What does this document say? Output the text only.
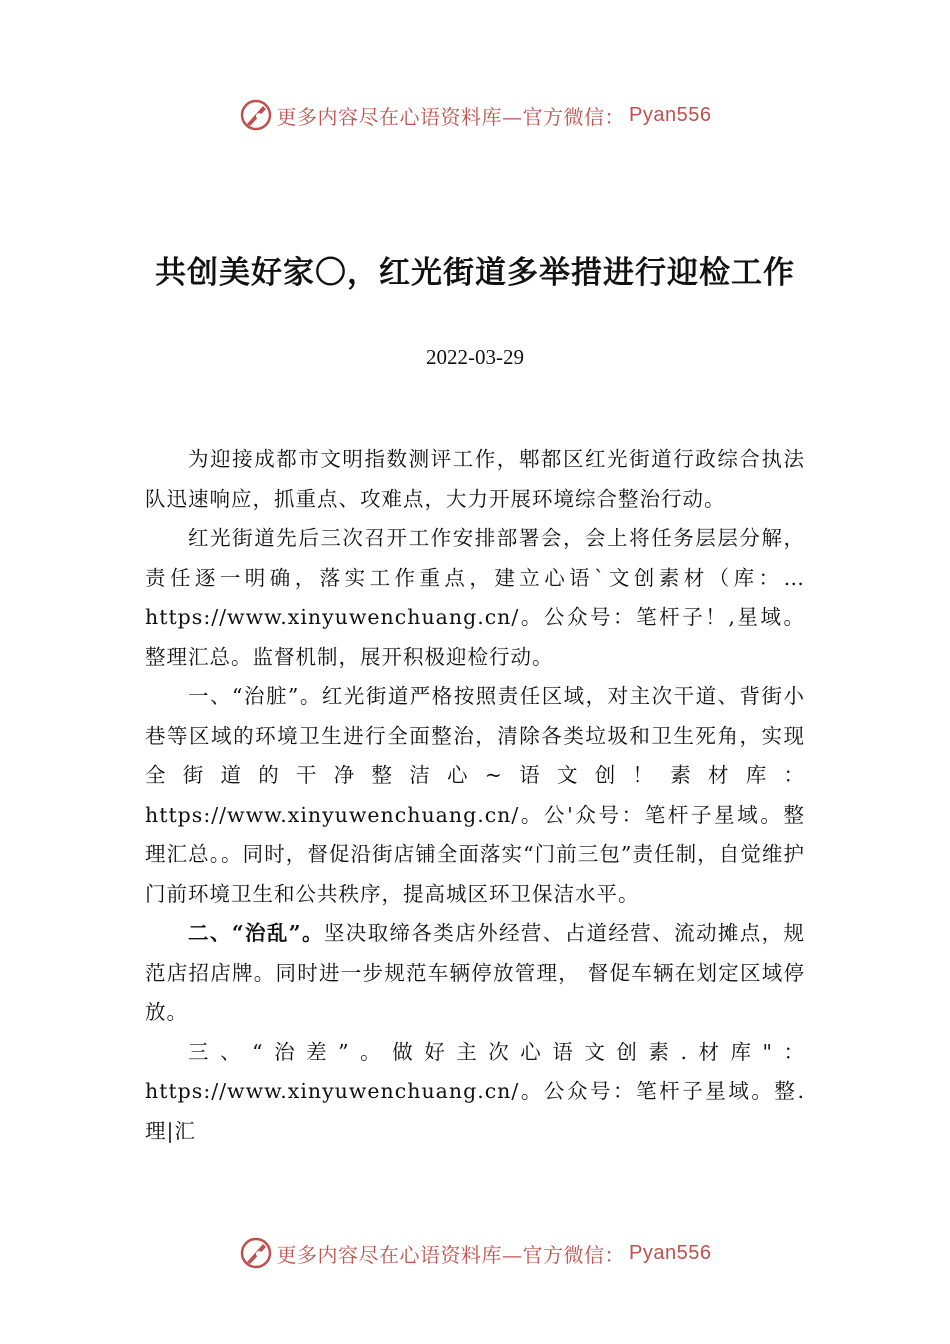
更多内容尽在心语资料库—官方微信： Pyan556
共创美好家〇，红光街道多举措进行迎检工作
2022-03-29

为迎接成都市文明指数测评工作，郫都区红光街道行政综合执法队迅速响应，抓重点、攻难点，大力开展环境综合整治行动。

红光街道先后三次召开工作安排部署会，会上将任务层层分解，责任逐一明确，落实工作重点，建立心语`文创素材（库：…https://www.xinyuwenchuang.cn/。公众号：笔杆子！,星域。整理汇总。监督机制，展开积极迎检行动。

一、“治脏”。红光街道严格按照责任区域，对主次干道、背街小巷等区域的环境卫生进行全面整治，清除各类垃圾和卫生死角，实现全街道的干净整洁心~语文创！素材库：https://www.xinyuwenchuang.cn/。公'众号：笔杆子星域。整理汇总。。同时，督促沿街店铺全面落实“门前三包”责任制，自觉维护门前环境卫生和公共秩序，提高城区环卫保洁水平。

二、“治乱”。坚决取缔各类店外经营、占道经营、流动摊点，规范店招店牌。同时进一步规范车辆停放管理， 督促车辆在划定区域停放。

三、“治差”。做好主次心语文创素.材库"：https://www.xinyuwenchuang.cn/。公众号：笔杆子星域。整.理|汇

更多内容尽在心语资料库—官方微信： Pyan556
